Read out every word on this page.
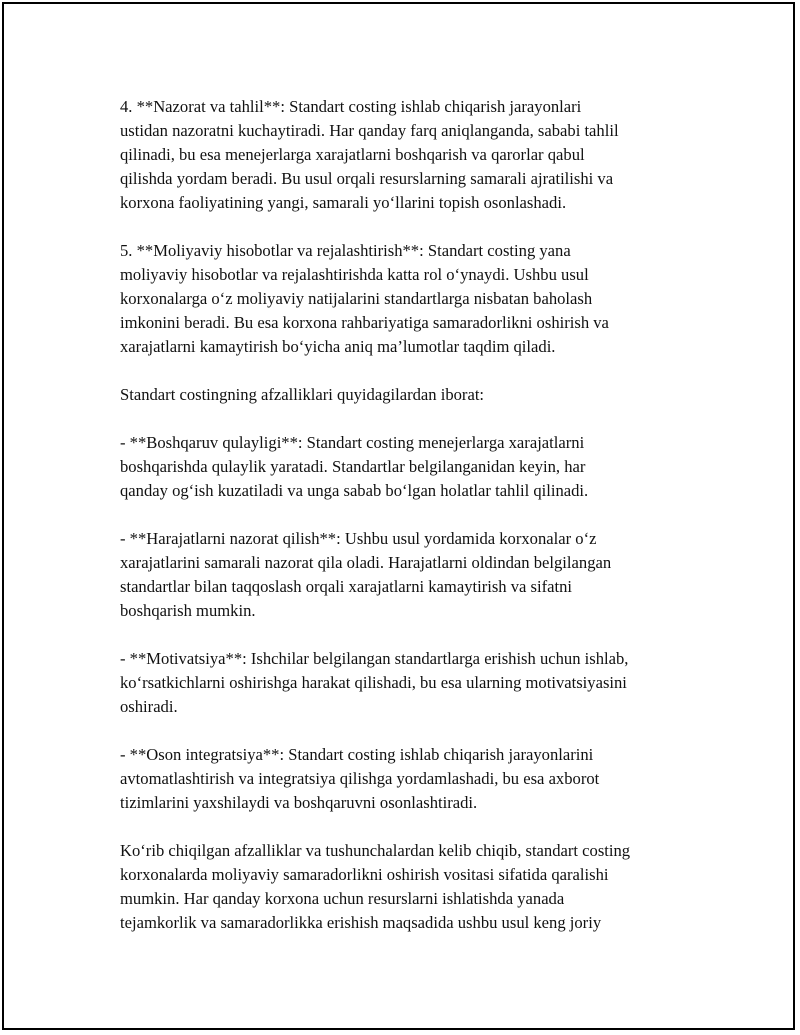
4. **Nazorat va tahlil**: Standart costing ishlab chiqarish jarayonlari
ustidan nazoratni kuchaytiradi. Har qanday farq aniqlanganda, sababi tahlil
qilinadi, bu esa menejerlarga xarajatlarni boshqarish va qarorlar qabul
qilishda yordam beradi. Bu usul orqali resurslarning samarali ajratilishi va
korxona faoliyatining yangi, samarali yo‘llarini topish osonlashadi.

5. **Moliyaviy hisobotlar va rejalashtirish**: Standart costing yana
moliyaviy hisobotlar va rejalashtirishda katta rol o‘ynaydi. Ushbu usul
korxonalarga o‘z moliyaviy natijalarini standartlarga nisbatan baholash
imkonini beradi. Bu esa korxona rahbariyatiga samaradorlikni oshirish va
xarajatlarni kamaytirish bo‘yicha aniq ma’lumotlar taqdim qiladi.

Standart costingning afzalliklari quyidagilardan iborat:

- **Boshqaruv qulayligi**: Standart costing menejerlarga xarajatlarni
boshqarishda qulaylik yaratadi. Standartlar belgilanganidan keyin, har
qanday og‘ish kuzatiladi va unga sabab bo‘lgan holatlar tahlil qilinadi.

- **Harajatlarni nazorat qilish**: Ushbu usul yordamida korxonalar o‘z
xarajatlarini samarali nazorat qila oladi. Harajatlarni oldindan belgilangan
standartlar bilan taqqoslash orqali xarajatlarni kamaytirish va sifatni
boshqarish mumkin.

- **Motivatsiya**: Ishchilar belgilangan standartlarga erishish uchun ishlab,
ko‘rsatkichlarni oshirishga harakat qilishadi, bu esa ularning motivatsiyasini
oshiradi.

- **Oson integratsiya**: Standart costing ishlab chiqarish jarayonlarini
avtomatlashtirish va integratsiya qilishga yordamlashadi, bu esa axborot
tizimlarini yaxshilaydi va boshqaruvni osonlashtiradi.

Ko‘rib chiqilgan afzalliklar va tushunchalardan kelib chiqib, standart costing
korxonalarda moliyaviy samaradorlikni oshirish vositasi sifatida qaralishi
mumkin. Har qanday korxona uchun resurslarni ishlatishda yanada
tejamkorlik va samaradorlikka erishish maqsadida ushbu usul keng joriy
